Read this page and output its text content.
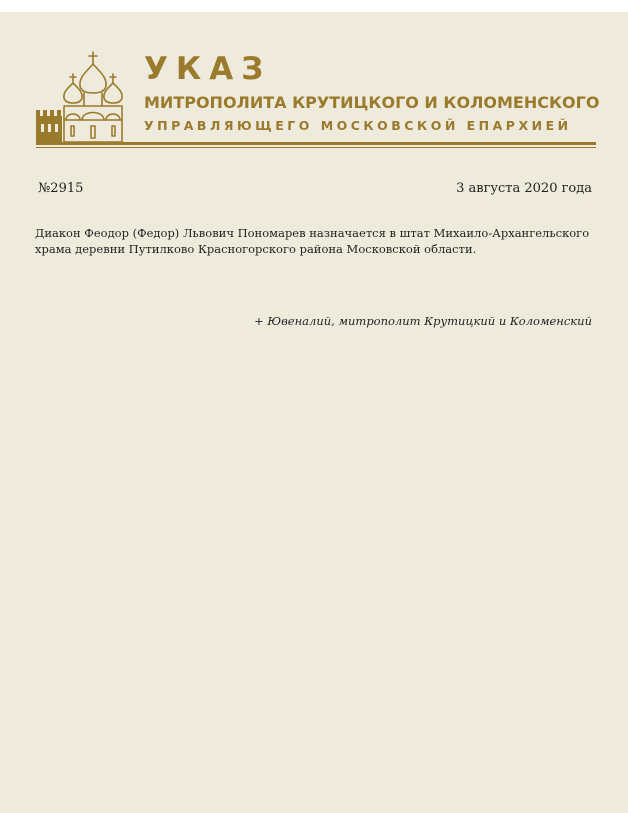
УКАЗ
МИТРОПОЛИТА КРУТИЦКОГО И КОЛОМЕНСКОГО
УПРАВЛЯЮЩЕГО МОСКОВСКОЙ ЕПАРХИЕЙ
№2915	3 августа 2020 года
Диакон Феодор (Федор) Львович Пономарев назначается в штат Михаило-Архангельского
храма деревни Путилково Красногорского района Московской области.
+ Ювеналий, митрополит Крутицкий и Коломенский
